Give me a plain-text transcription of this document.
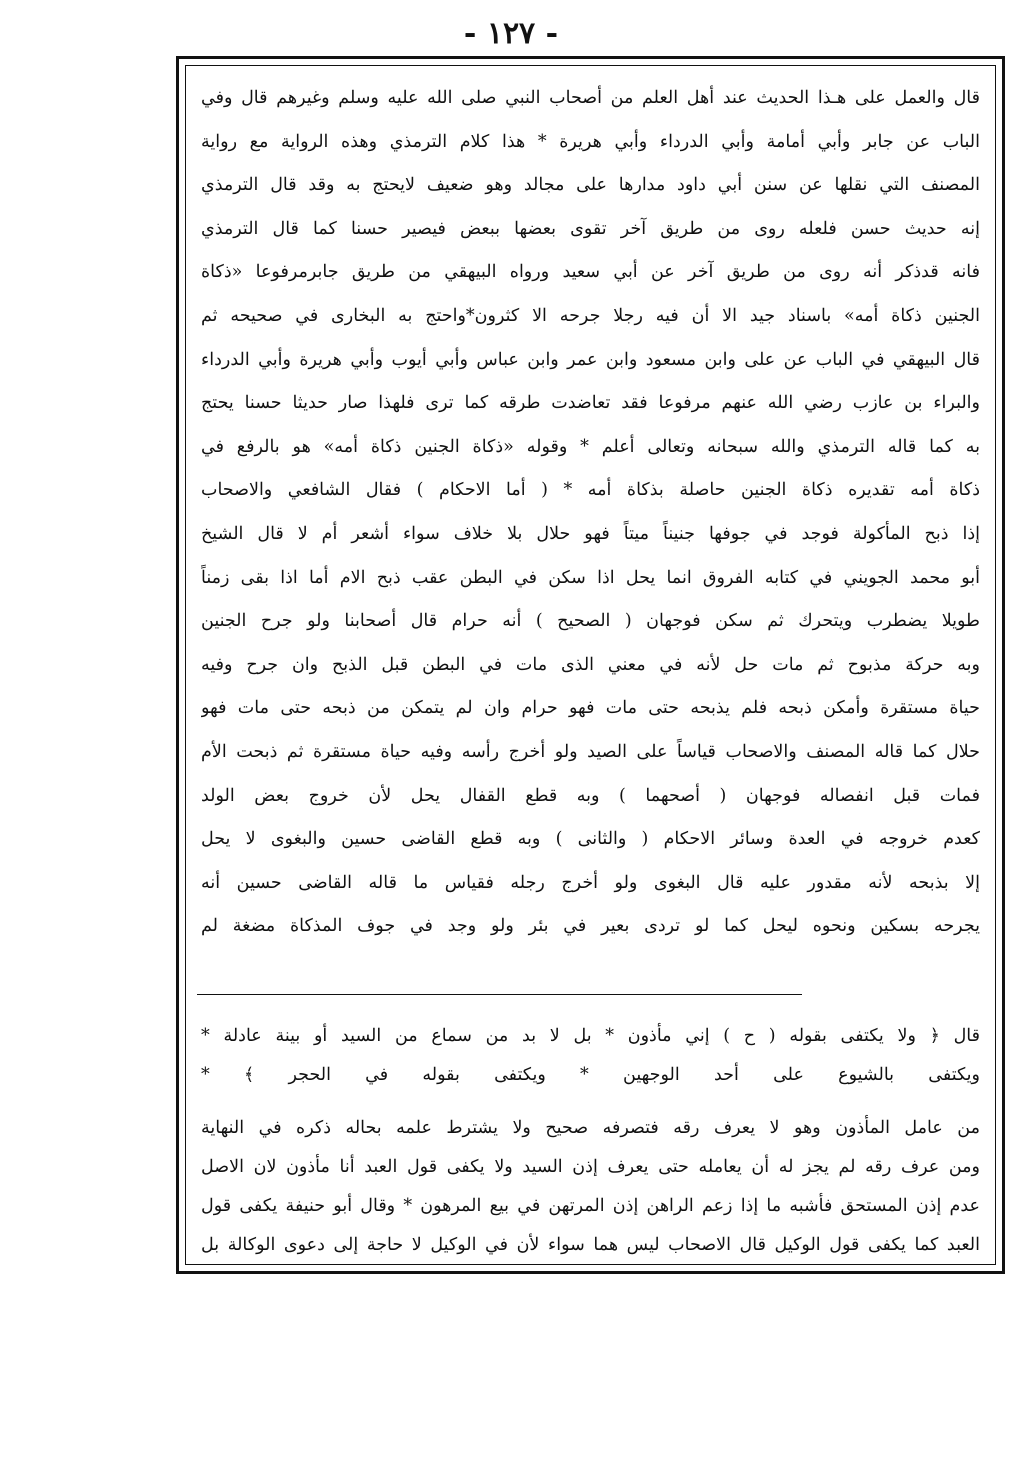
- ١٢٧ -
قال والعمل على هـذا الحديث عند أهل العلم من أصحاب النبي صلى الله عليه وسلم وغيرهم قال وفي
الباب عن جابر وأبي أمامة وأبي الدرداء وأبي هريرة * هذا كلام الترمذي وهذه الرواية مع رواية
المصنف التي نقلها عن سنن أبي داود مدارها على مجالد وهو ضعيف لايحتج به وقد قال الترمذي
إنه حديث حسن فلعله روى من طريق آخر تقوى بعضها ببعض فيصير حسنا كما قال الترمذي
فانه قدذكر أنه روى من طريق آخر عن أبي سعيد ورواه البيهقي من طريق جابرمرفوعا «ذكاة
الجنين ذكاة أمه» باسناد جيد الا أن فيه رجلا جرحه الا كثرون*واحتج به البخارى في صحيحه ثم
قال البيهقي في الباب عن على وابن مسعود وابن عمر وابن عباس وأبي أيوب وأبي هريرة وأبي الدرداء
والبراء بن عازب رضي الله عنهم مرفوعا فقد تعاضدت طرقه كما ترى فلهذا صار حديثا حسنا يحتج
به كما قاله الترمذي والله سبحانه وتعالى أعلم * وقوله «ذكاة الجنين ذكاة أمه» هو بالرفع في
ذكاة أمه تقديره ذكاة الجنين حاصلة بذكاة أمه * ( أما الاحكام ) فقال الشافعي والاصحاب
إذا ذبح المأكولة فوجد في جوفها جنيناً ميتاً فهو حلال بلا خلاف سواء أشعر أم لا قال الشيخ
أبو محمد الجويني في كتابه الفروق انما يحل اذا سكن في البطن عقب ذبح الام أما اذا بقى زمناً
طويلا يضطرب ويتحرك ثم سكن فوجهان ( الصحيح ) أنه حرام قال أصحابنا ولو جرح الجنين
وبه حركة مذبوح ثم مات حل لأنه في معني الذى مات في البطن قبل الذبح وان جرح وفيه
حياة مستقرة وأمكن ذبحه فلم يذبحه حتى مات فهو حرام وان لم يتمكن من ذبحه حتى مات فهو
حلال كما قاله المصنف والاصحاب قياساً على الصيد ولو أخرج رأسه وفيه حياة مستقرة ثم ذبحت الأم
فمات قبل انفصاله فوجهان ( أصحهما ) وبه قطع القفال يحل لأن خروج بعض الولد
كعدم خروجه في العدة وسائر الاحكام ( والثانى ) وبه قطع القاضى حسين والبغوى لا يحل
إلا بذبحه لأنه مقدور عليه قال البغوى ولو أخرج رجله فقياس ما قاله القاضى حسين أنه
يجرحه بسكين ونحوه ليحل كما لو تردى بعير في بئر ولو وجد في جوف المذكاة مضغة لم
قال ﴿ ولا يكتفى بقوله ( ح ) إني مأذون * بل لا بد من سماع من السيد أو بينة عادلة *
ويكتفى بالشيوع على أحد الوجهين * ويكتفى بقوله في الحجر ﴾ *
من عامل المأذون وهو لا يعرف رقه فتصرفه صحيح ولا يشترط علمه بحاله ذكره في النهاية
ومن عرف رقه لم يجز له أن يعامله حتى يعرف إذن السيد ولا يكفى قول العبد أنا مأذون لان الاصل
عدم إذن المستحق فأشبه ما إذا زعم الراهن إذن المرتهن في بيع المرهون * وقال أبو حنيفة يكفى قول
العبد كما يكفى قول الوكيل قال الاصحاب ليس هما سواء لأن في الوكيل لا حاجة إلى دعوى الوكالة بل
